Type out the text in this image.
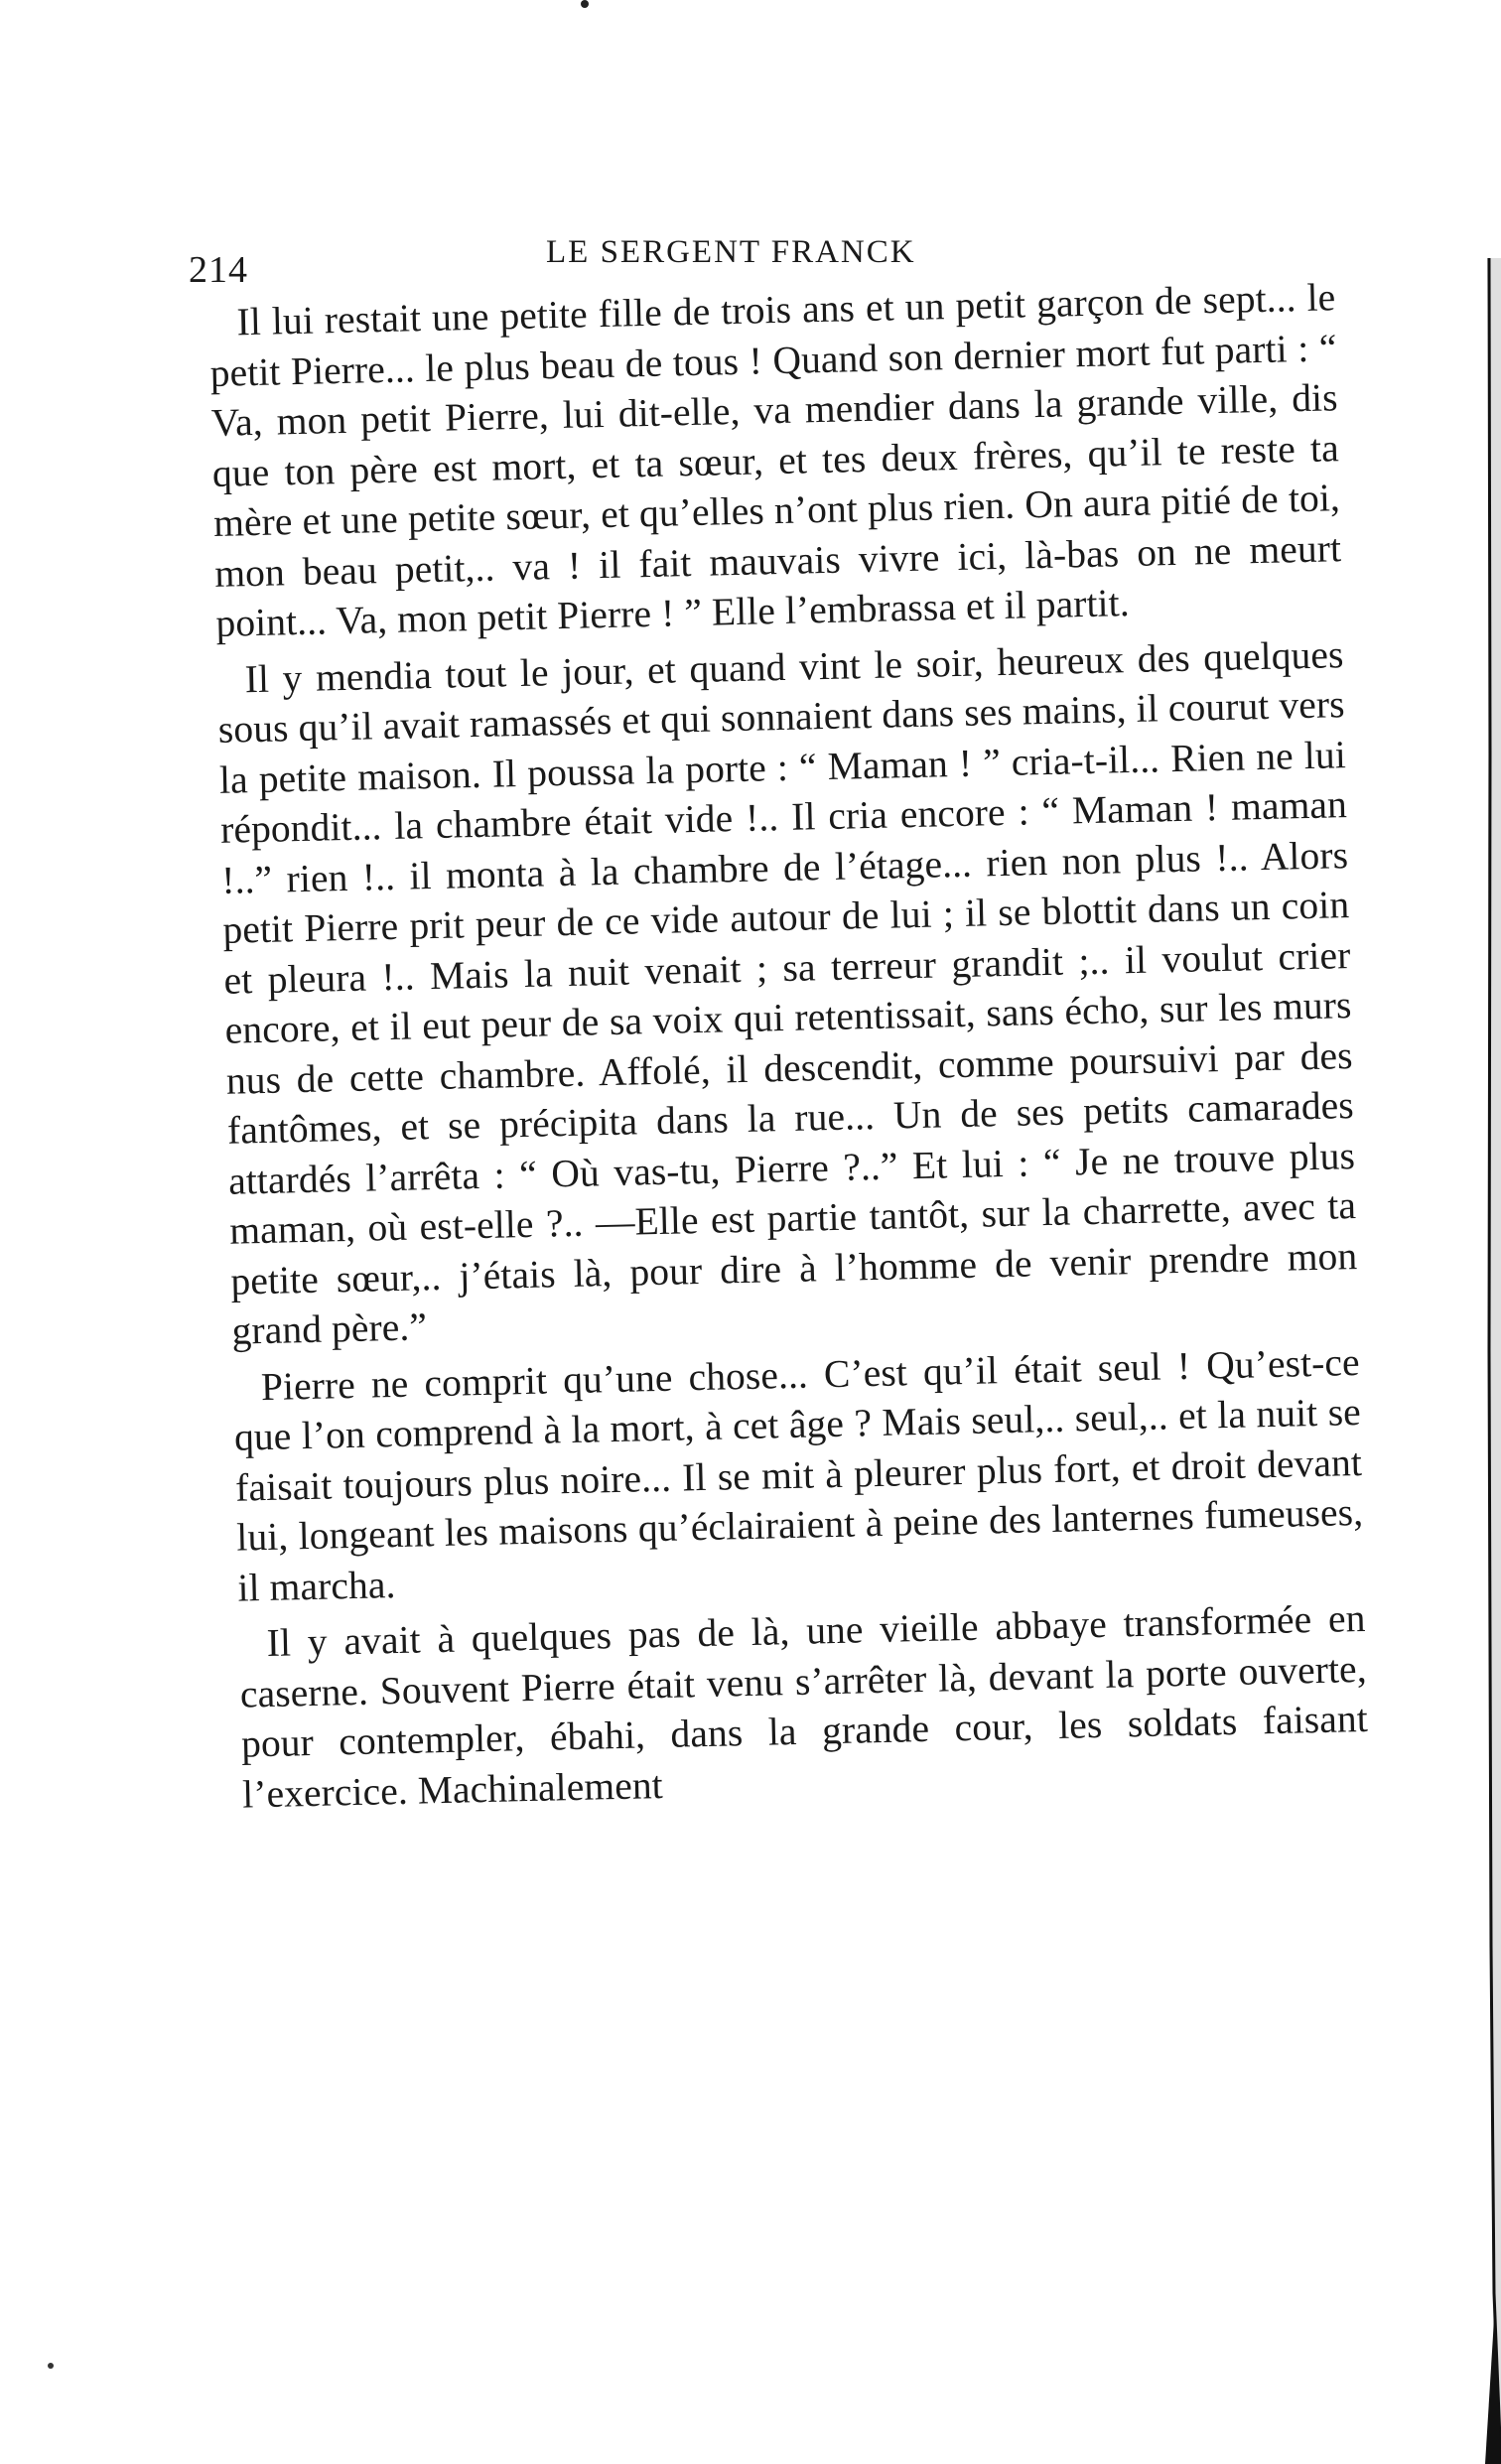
214	LE SERGENT FRANCK

Il lui restait une petite fille de trois ans et un petit garçon de sept... le petit Pierre... le plus beau de tous ! Quand son dernier mort fut parti : “ Va, mon petit Pierre, lui dit-elle, va mendier dans la grande ville, dis que ton père est mort, et ta sœur, et tes deux frères, qu’il te reste ta mère et une petite sœur, et qu’elles n’ont plus rien. On aura pitié de toi, mon beau petit,.. va ! il fait mauvais vivre ici, là-bas on ne meurt point... Va, mon petit Pierre ! ” Elle l’embrassa et il partit.

Il y mendia tout le jour, et quand vint le soir, heureux des quelques sous qu’il avait ramassés et qui sonnaient dans ses mains, il courut vers la petite maison. Il poussa la porte : “ Maman ! ” cria-t-il... Rien ne lui répondit... la chambre était vide !.. Il cria encore : “ Maman ! maman !..” rien !.. il monta à la chambre de l’étage... rien non plus !.. Alors petit Pierre prit peur de ce vide autour de lui ; il se blottit dans un coin et pleura !.. Mais la nuit venait ; sa terreur grandit ;.. il voulut crier encore, et il eut peur de sa voix qui retentissait, sans écho, sur les murs nus de cette chambre. Affolé, il descendit, comme poursuivi par des fantômes, et se précipita dans la rue... Un de ses petits camarades attardés l’arrêta : “ Où vas-tu, Pierre ?..” Et lui : “ Je ne trouve plus maman, où est-elle ?.. —Elle est partie tantôt, sur la charrette, avec ta petite sœur,.. j’étais là, pour dire à l’homme de venir prendre mon grand père.”

Pierre ne comprit qu’une chose... C’est qu’il était seul ! Qu’est-ce que l’on comprend à la mort, à cet âge ? Mais seul,.. seul,.. et la nuit se faisait toujours plus noire... Il se mit à pleurer plus fort, et droit devant lui, longeant les maisons qu’éclairaient à peine des lanternes fumeuses, il marcha.

Il y avait à quelques pas de là, une vieille abbaye transformée en caserne. Souvent Pierre était venu s’arrêter là, devant la porte ouverte, pour contempler, ébahi, dans la grande cour, les soldats faisant l’exercice. Machinalement
